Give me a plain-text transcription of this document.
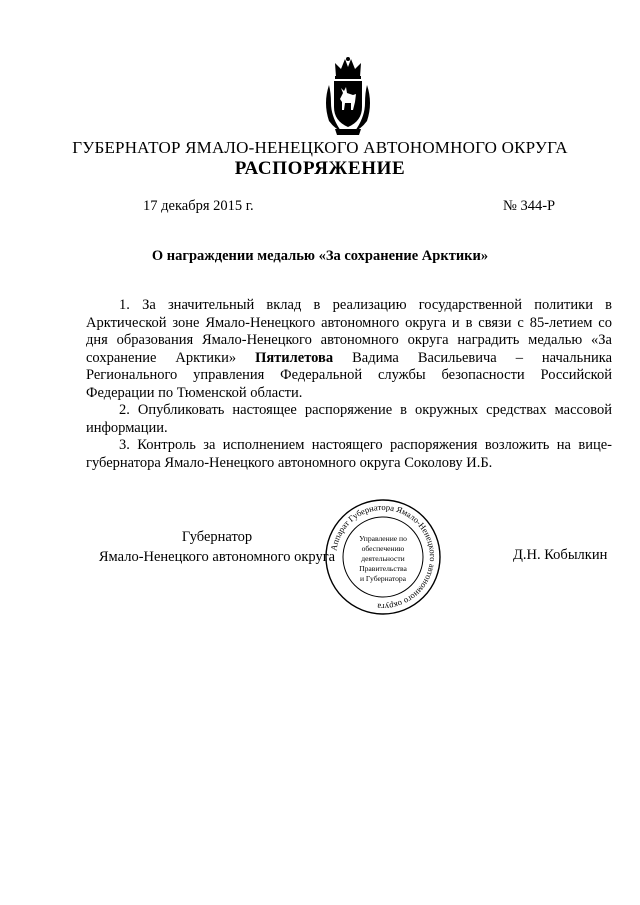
ГУБЕРНАТОР ЯМАЛО-НЕНЕЦКОГО АВТОНОМНОГО ОКРУГА
РАСПОРЯЖЕНИЕ
17 декабря 2015 г.	№ 344-Р
О награждении медалью «За сохранение Арктики»

1. За значительный вклад в реализацию государственной политики в Арктической зоне Ямало-Ненецкого автономного округа и в связи с 85-летием со дня образования Ямало-Ненецкого автономного округа наградить медалью «За сохранение Арктики» Пятилетова Вадима Васильевича – начальника Регионального управления Федеральной службы безопасности Российской Федерации по Тюменской области.

2. Опубликовать настоящее распоряжение в окружных средствах массовой информации.

3. Контроль за исполнением настоящего распоряжения возложить на вице-губернатора Ямало-Ненецкого автономного округа Соколову И.Б.

Губернатор
Ямало-Ненецкого автономного округа	Д.Н. Кобылкин
Аппарат Губернатора Ямало-Ненецкого автономного округа
Управление по
обеспечению
деятельности
Правительства
и Губернатора
